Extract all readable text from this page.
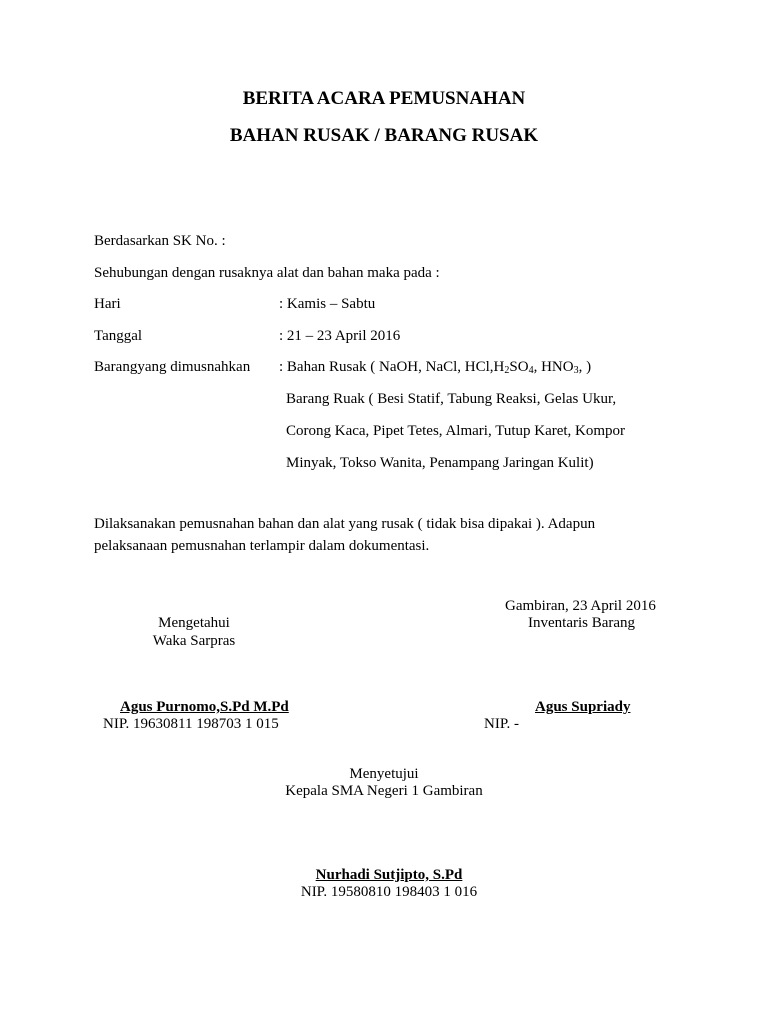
BERITA ACARA PEMUSNAHAN
BAHAN RUSAK / BARANG RUSAK
Berdasarkan SK No. :
Sehubungan dengan rusaknya alat dan bahan maka pada :
Hari	: Kamis – Sabtu
Tanggal	: 21 – 23 April 2016
Barangyang dimusnahkan : Bahan Rusak ( NaOH, NaCl, $HCl,H_2SO_4$, $HNO_3$, )
Barang Ruak ( Besi Statif, Tabung Reaksi, Gelas Ukur,
Corong Kaca, Pipet Tetes, Almari, Tutup Karet, Kompor
Minyak, Tokso Wanita, Penampang Jaringan Kulit)
Dilaksanakan pemusnahan bahan dan alat yang rusak ( tidak bisa dipakai ). Adapun
pelaksanaan pemusnahan terlampir dalam dokumentasi.
Gambiran, 23 April 2016
Mengetahui
Waka Sarpras
Inventaris Barang
Agus Purnomo,S.Pd M.Pd
NIP. 19630811 198703 1 015
Agus Supriady
NIP. -
Menyetujui
Kepala SMA Negeri 1 Gambiran
Nurhadi Sutjipto, S.Pd
NIP. 19580810 198403 1 016
